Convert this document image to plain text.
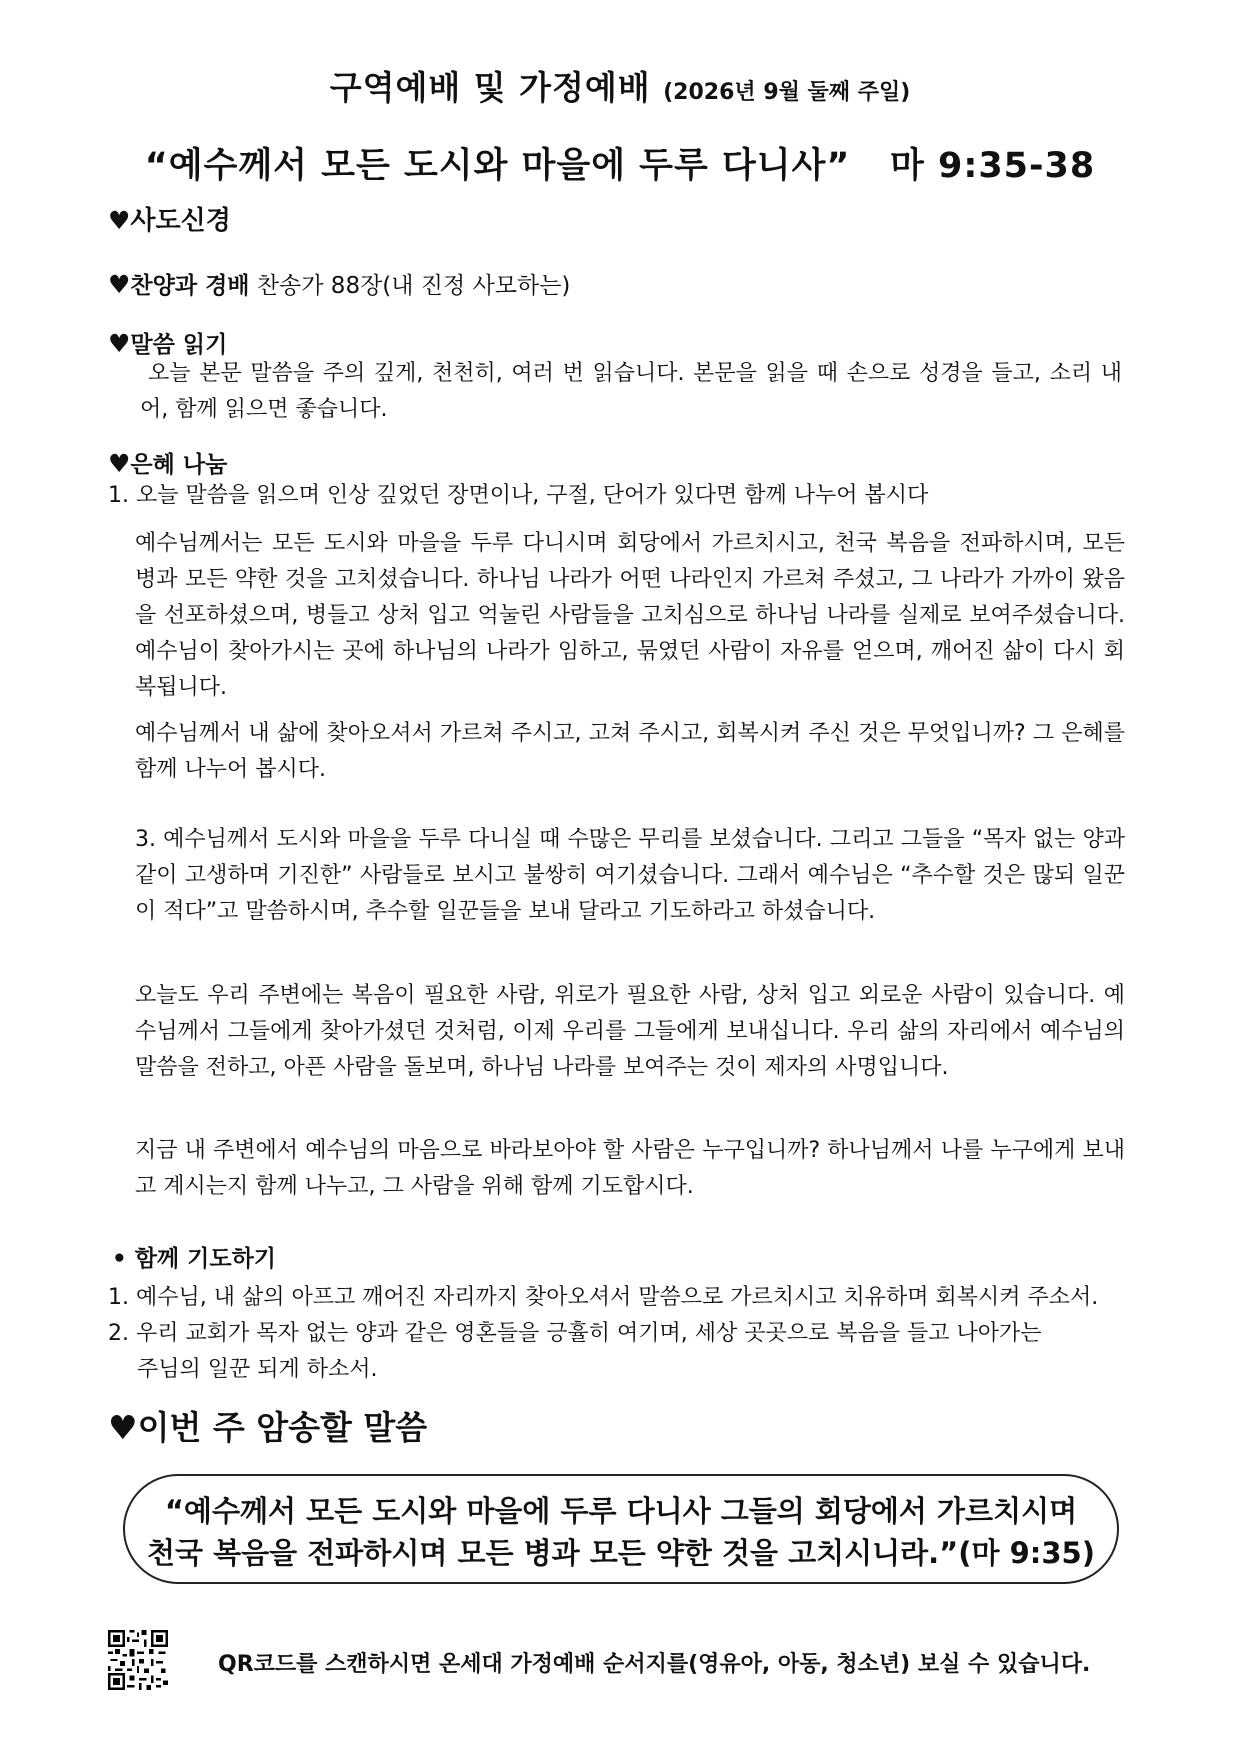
구역예배 및 가정예배 (2026년 9월 둘째 주일)
“예수께서 모든 도시와 마을에 두루 다니사”   마 9:35-38
♥사도신경
♥찬양과 경배 찬송가 88장(내 진정 사모하는)
♥말씀 읽기
오늘 본문 말씀을 주의 깊게, 천천히, 여러 번 읽습니다. 본문을 읽을 때 손으로 성경을 들고, 소리 내어, 함께 읽으면 좋습니다.
♥은혜 나눔
1. 오늘 말씀을 읽으며 인상 깊었던 장면이나, 구절, 단어가 있다면 함께 나누어 봅시다
예수님께서는 모든 도시와 마을을 두루 다니시며 회당에서 가르치시고, 천국 복음을 전파하시며, 모든 병과 모든 약한 것을 고치셨습니다. 하나님 나라가 어떤 나라인지 가르쳐 주셨고, 그 나라가 가까이 왔음을 선포하셨으며, 병들고 상처 입고 억눌린 사람들을 고치심으로 하나님 나라를 실제로 보여주셨습니다. 예수님이 찾아가시는 곳에 하나님의 나라가 임하고, 묶였던 사람이 자유를 얻으며, 깨어진 삶이 다시 회복됩니다.
예수님께서 내 삶에 찾아오셔서 가르쳐 주시고, 고쳐 주시고, 회복시켜 주신 것은 무엇입니까? 그 은혜를 함께 나누어 봅시다.
3. 예수님께서 도시와 마을을 두루 다니실 때 수많은 무리를 보셨습니다. 그리고 그들을 “목자 없는 양과 같이 고생하며 기진한” 사람들로 보시고 불쌍히 여기셨습니다. 그래서 예수님은 “추수할 것은 많되 일꾼이 적다”고 말씀하시며, 추수할 일꾼들을 보내 달라고 기도하라고 하셨습니다.
오늘도 우리 주변에는 복음이 필요한 사람, 위로가 필요한 사람, 상처 입고 외로운 사람이 있습니다. 예수님께서 그들에게 찾아가셨던 것처럼, 이제 우리를 그들에게 보내십니다. 우리 삶의 자리에서 예수님의 말씀을 전하고, 아픈 사람을 돌보며, 하나님 나라를 보여주는 것이 제자의 사명입니다.
지금 내 주변에서 예수님의 마음으로 바라보아야 할 사람은 누구입니까? 하나님께서 나를 누구에게 보내고 계시는지 함께 나누고, 그 사람을 위해 함께 기도합시다.
• 함께 기도하기
1. 예수님, 내 삶의 아프고 깨어진 자리까지 찾아오셔서 말씀으로 가르치시고 치유하며 회복시켜 주소서.
2. 우리 교회가 목자 없는 양과 같은 영혼들을 긍휼히 여기며, 세상 곳곳으로 복음을 들고 나아가는
주님의 일꾼 되게 하소서.
♥이번 주 암송할 말씀
“예수께서 모든 도시와 마을에 두루 다니사 그들의 회당에서 가르치시며
천국 복음을 전파하시며 모든 병과 모든 약한 것을 고치시니라.”(마 9:35)
QR코드를 스캔하시면 온세대 가정예배 순서지를(영유아, 아동, 청소년) 보실 수 있습니다.
